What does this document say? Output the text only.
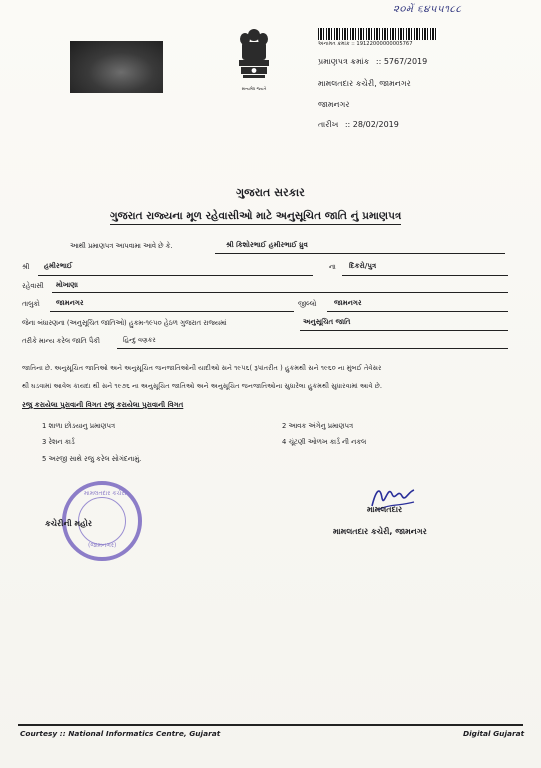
૨૦મેં ૬૪૫૫૧૮૮
સત્યમેવ જયતે
અનામત ક્રમાંક :: 19122000000005767
પ્રમાણપત્ર ક્રમાંક :: 5767/2019
મામલતદાર કચેરી, જામનગર
જામનગર
તારીખ :: 28/02/2019
ગુજરાત સરકાર
ગુજરાત રાજ્યના મૂળ રહેવાસીઓ માટે અનુસૂચિત જાતિ નું પ્રમાણપત્ર
આથી પ્રમાણપત્ર આપવામા આવે છે કે.	શ્રી કિશોરભાઈ હમીરભાઈ ધ્રુવ
શ્રી હમીરભાઈ	ના દિકરો/પુત્ર
રહેવાસી મોખાણા
તાલુકો જામનગર	જીલ્લો	જામનગર
જેના બંધારણના (અનુસૂચિત જાતિઓ) હુકમ-૧૯૫૦ હેઠળ ગુજરાત રાજ્યમાં	અનુસૂચિત જાતિ
તરીકે માન્ય કરેલ જાતિ પૈકી	હિન્દુ વણકર
જાતિના છે. અનુસૂચિત જાતિઓ અને અનુસૂચિત જનજાતિઓની યાદીઓ સને ૧૯૫૬( રૂપાંતરીત ) હુકમથી સને ૧૯૬૦ ના મુંબઈ તેવેસર
થી ઘડવામાં આવેલ કાયદા થી સને ૧૯૭૬ ના અનુસૂચિત જાતિઓ અને અનુસૂચિત જનજાતિઓના સુધારેલા હુકમથી સુધારવામાં આવે છે.
રજુ કરાયેલા પુરાવાની વિગત રજુ કરાયેલા પુરાવાની વિગત
1 શાળા છોડયાનુ પ્રમાણપત્ર	2 આવક અંગેનુ પ્રમાણપત્ર
3 રેશન કાર્ડ	4 ચૂંટણી ઓળખ કાર્ડ ની નકલ
5 અરજી સાથે રજુ કરેલ સોગંદનામું.
મામલતદાર કચેરી
(જામનગર)
કચેરીની મહોર
મામલતદાર
મામલતદાર કચેરી, જામનગર
Courtesy :: National Informatics Centre, Gujarat	Digital Gujarat
